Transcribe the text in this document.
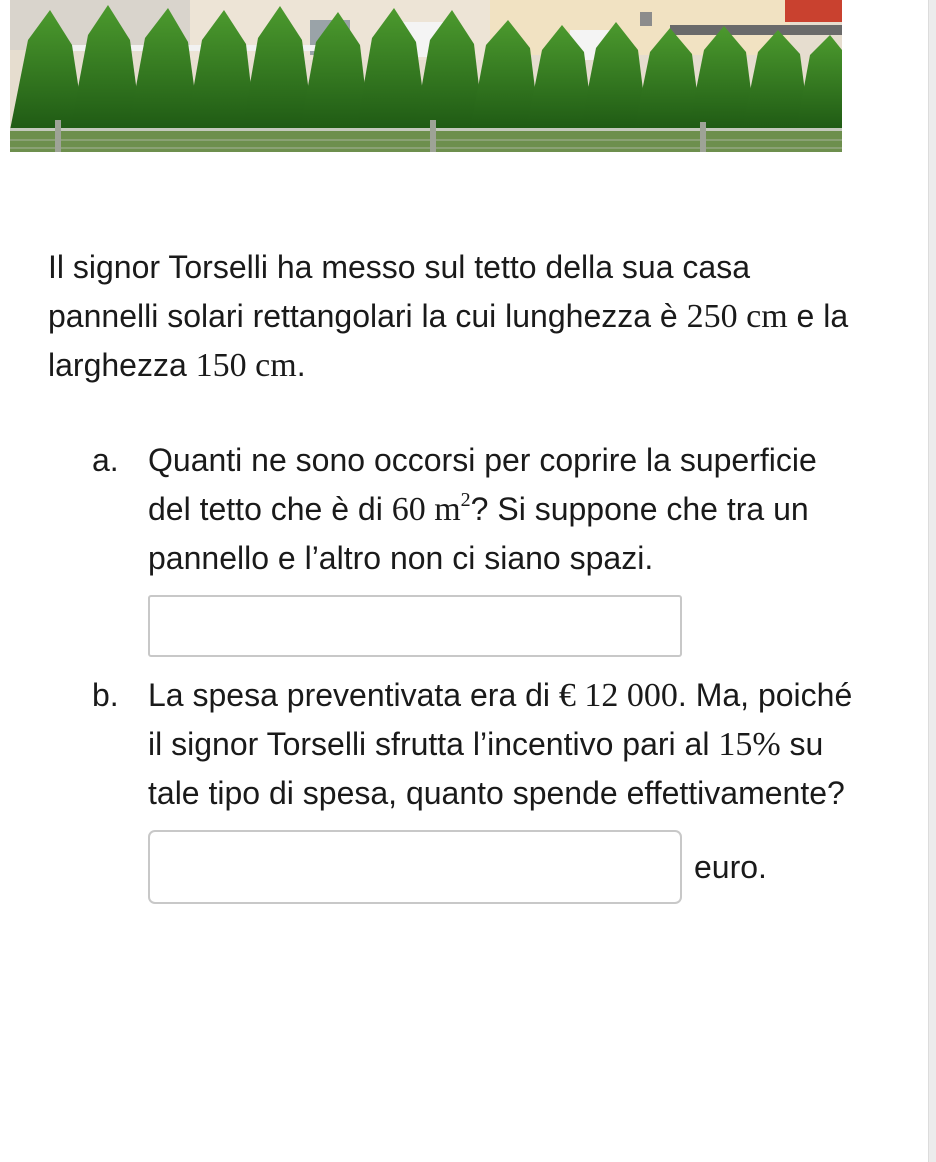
Il signor Torselli ha messo sul tetto della sua casa pannelli solari rettangolari la cui lunghezza è 250 cm e la larghezza 150 cm.

a. Quanti ne sono occorsi per coprire la superficie del tetto che è di 60 $m^2$? Si suppone che tra un pannello e l’altro non ci siano spazi.

b. La spesa preventivata era di € 12 000. Ma, poiché il signor Torselli sfrutta l’incentivo pari al 15% su tale tipo di spesa, quanto spende effettivamente?

euro.
